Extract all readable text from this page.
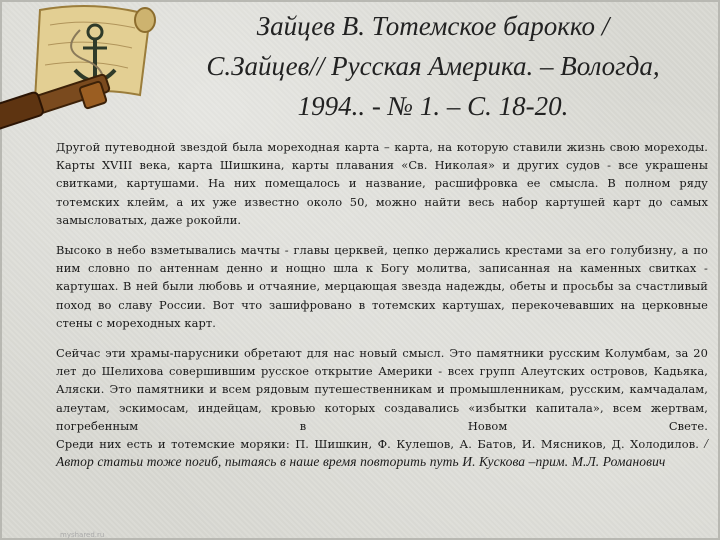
Зайцев В. Тотемское барокко /
С.Зайцев// Русская Америка. – Вологда,
1994.. - № 1. – С. 18-20.

Другой путеводной звездой была мореходная карта – карта, на которую ставили жизнь свою мореходы. Карты XVIII века, карта Шишкина, карты плавания «Св. Николая» и других судов - все украшены свитками, картушами. На них помещалось и название, расшифровка ее смысла. В полном ряду тотемских клейм, а их уже известно около 50, можно найти весь набор картушей карт до самых замысловатых, даже рокойли.

Высоко в небо взметывались мачты - главы церквей, цепко держались крестами за его голубизну, а по ним словно по антеннам денно и нощно шла к Богу молитва, записанная на каменных свитках - картушах. В ней были любовь и отчаяние, мерцающая звезда надежды, обеты и просьбы за счастливый поход во славу России. Вот что зашифровано в тотемских картушах, перекочевавших на церковные стены с мореходных карт.

Сейчас эти храмы-парусники обретают для нас новый смысл. Это памятники русским Колумбам, за 20 лет до Шелихова совершившим русское открытие Америки - всех групп Алеутских островов, Кадьяка, Аляски. Это памятники и всем рядовым путешественникам и промышленникам, русским, камчадалам, алеутам, эскимосам, индейцам, кровью которых создавались «избытки капитала», всем жертвам, погребенным в Новом Свете.

Среди них есть и тотемские моряки: П. Шишкин, Ф. Кулешов, А. Батов, И. Мясников, Д. Холодилов. /Автор статьи тоже погиб, пытаясь в наше время повторить путь И. Кускова –прим. М.Л. Романович

myshared.ru
